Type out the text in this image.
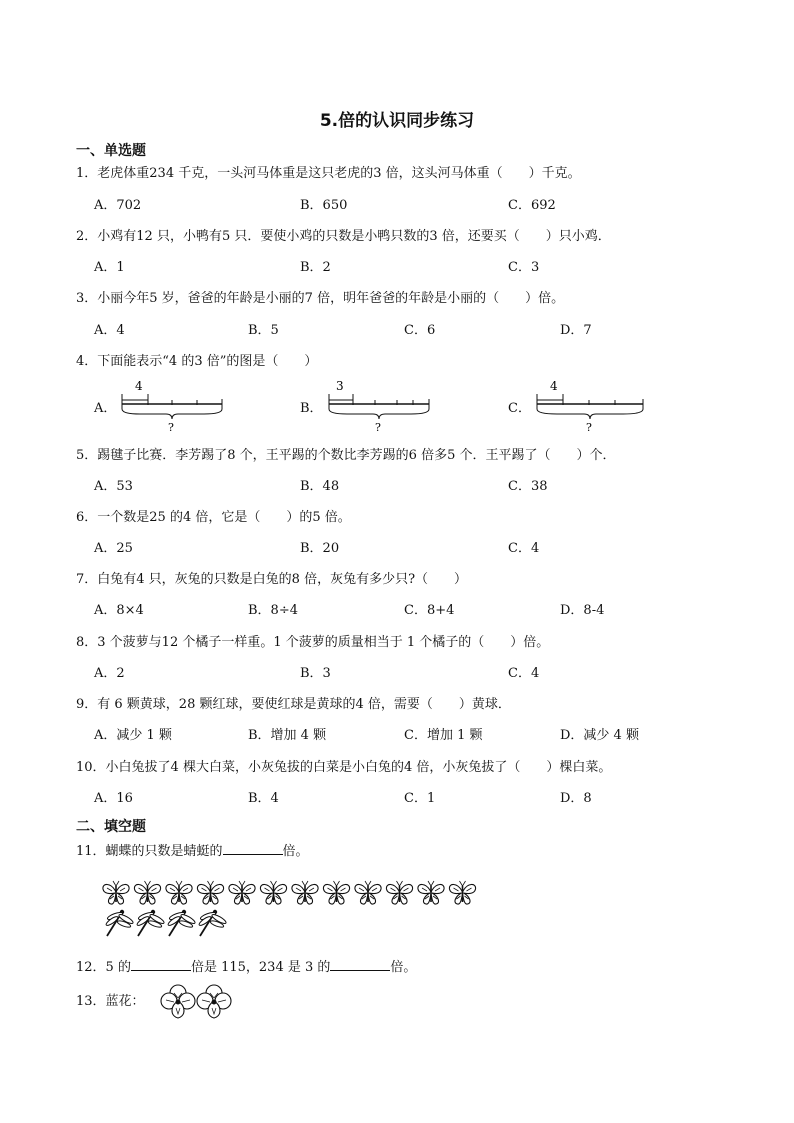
5.倍的认识同步练习
一、单选题
1．老虎体重234 千克，一头河马体重是这只老虎的3 倍，这头河马体重（　　）千克。
A．702	B．650	C．692
2．小鸡有12 只，小鸭有5 只．要使小鸡的只数是小鸭只数的3 倍，还要买（　　）只小鸡．
A．1	B．2	C．3
3．小丽今年5 岁，爸爸的年龄是小丽的7 倍，明年爸爸的年龄是小丽的（　　）倍。
A．4	B．5	C．6	D．7
4．下面能表示“4 的3 倍”的图是（　　）
A．
4
?
B．
3
?
C．
4
?
5．踢毽子比赛．李芳踢了8 个，王平踢的个数比李芳踢的6 倍多5 个．王平踢了（　　）个．
A．53	B．48	C．38
6．一个数是25 的4 倍，它是（　　）的5 倍。
A．25	B．20	C．4
7．白兔有4 只，灰兔的只数是白兔的8 倍，灰兔有多少只?（　　）
A．8×4	B．8÷4	C．8+4	D．8-4
8．3 个菠萝与12 个橘子一样重。1 个菠萝的质量相当于 1 个橘子的（　　）倍。
A．2	B．3	C．4
9．有 6 颗黄球，28 颗红球，要使红球是黄球的4 倍，需要（　　）黄球．
A．减少 1 颗	B．增加 4 颗	C．增加 1 颗	D．减少 4 颗
10．小白兔拔了4 棵大白菜，小灰兔拔的白菜是小白兔的4 倍，小灰兔拔了（　　）棵白菜。
A．16	B．4	C．1	D．8
二、填空题
11．蝴蝶的只数是蜻蜓的	倍。
12．5 的	倍是 115，234 是 3 的	倍。
13．蓝花：
